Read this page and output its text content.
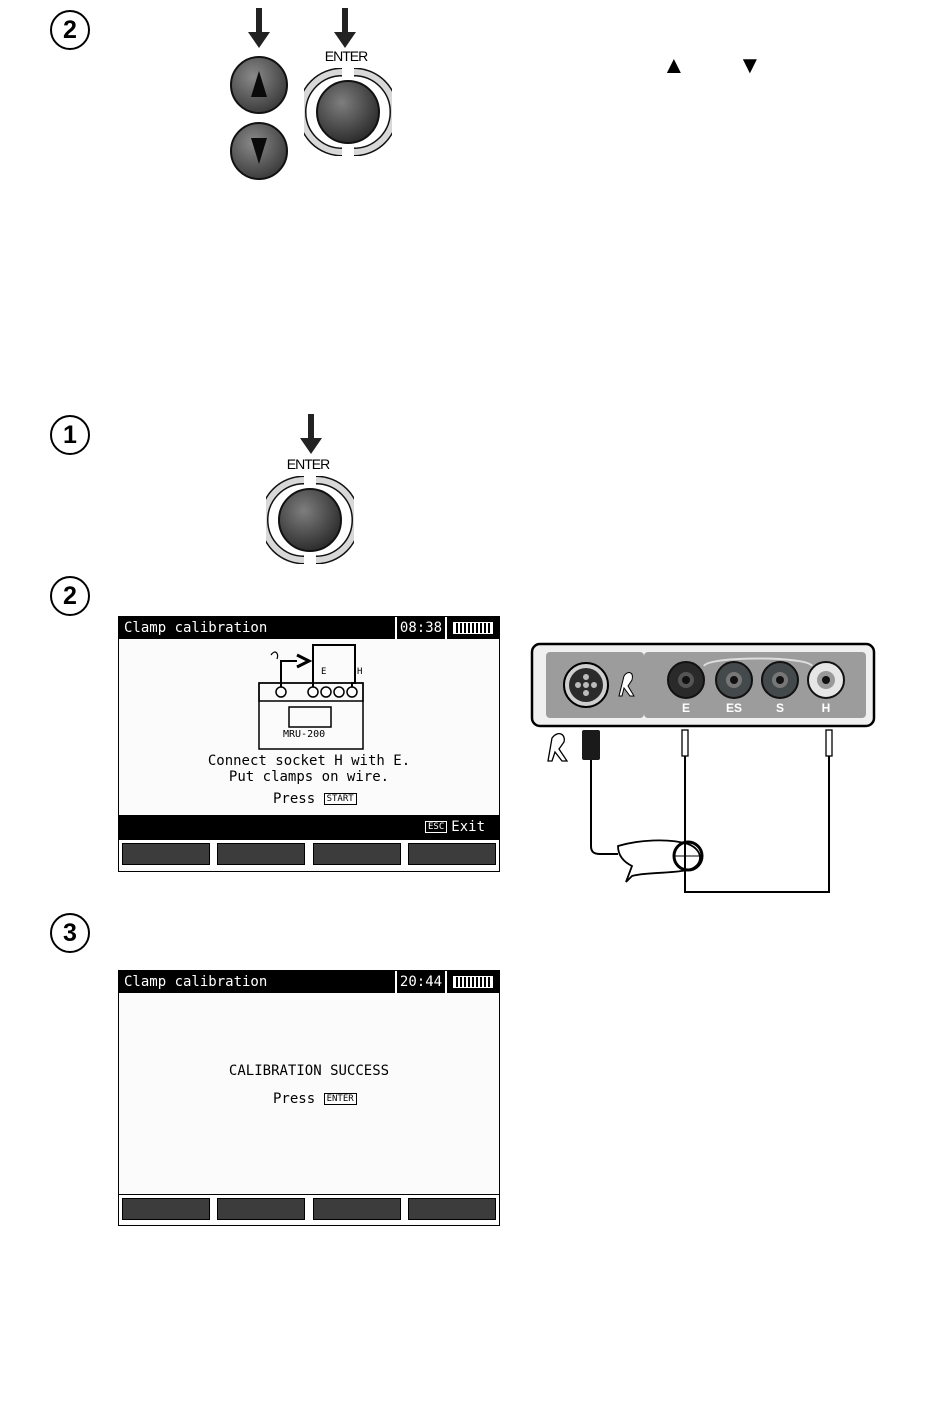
2
ENTER	▲ ▼
1
ENTER
2
Clamp calibration	08:38
E	H
MRU-200
Connect socket H with E.
Put clamps on wire.
Press START
ESC Exit
E	ES	S	H
3
Clamp calibration	20:44
CALIBRATION SUCCESS
Press ENTER
